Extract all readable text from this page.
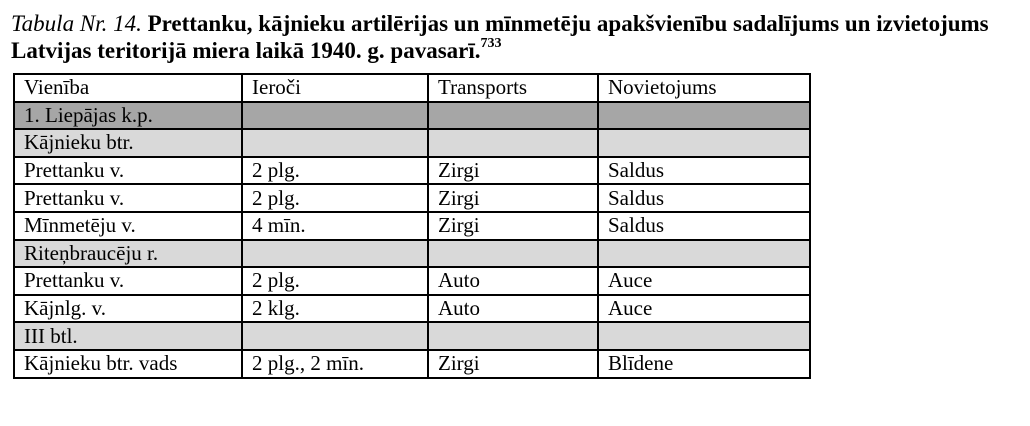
Tabula Nr. 14. Prettanku, kājnieku artilērijas un mīnmetēju apakšvienību sadalījums un izvietojums Latvijas teritorijā miera laikā 1940. g. pavasarī.$^{733}$
Vienība	Ieroči	Transports	Novietojums
1. Liepājas k.p.			
Kājnieku btr.			
Prettanku v.	2 plg.	Zirgi	Saldus
Prettanku v.	2 plg.	Zirgi	Saldus
Mīnmetēju v.	4 mīn.	Zirgi	Saldus
Riteņbraucēju r.			
Prettanku v.	2 plg.	Auto	Auce
Kājnlg. v.	2 klg.	Auto	Auce
III btl.			
Kājnieku btr. vads	2 plg., 2 mīn.	Zirgi	Blīdene
